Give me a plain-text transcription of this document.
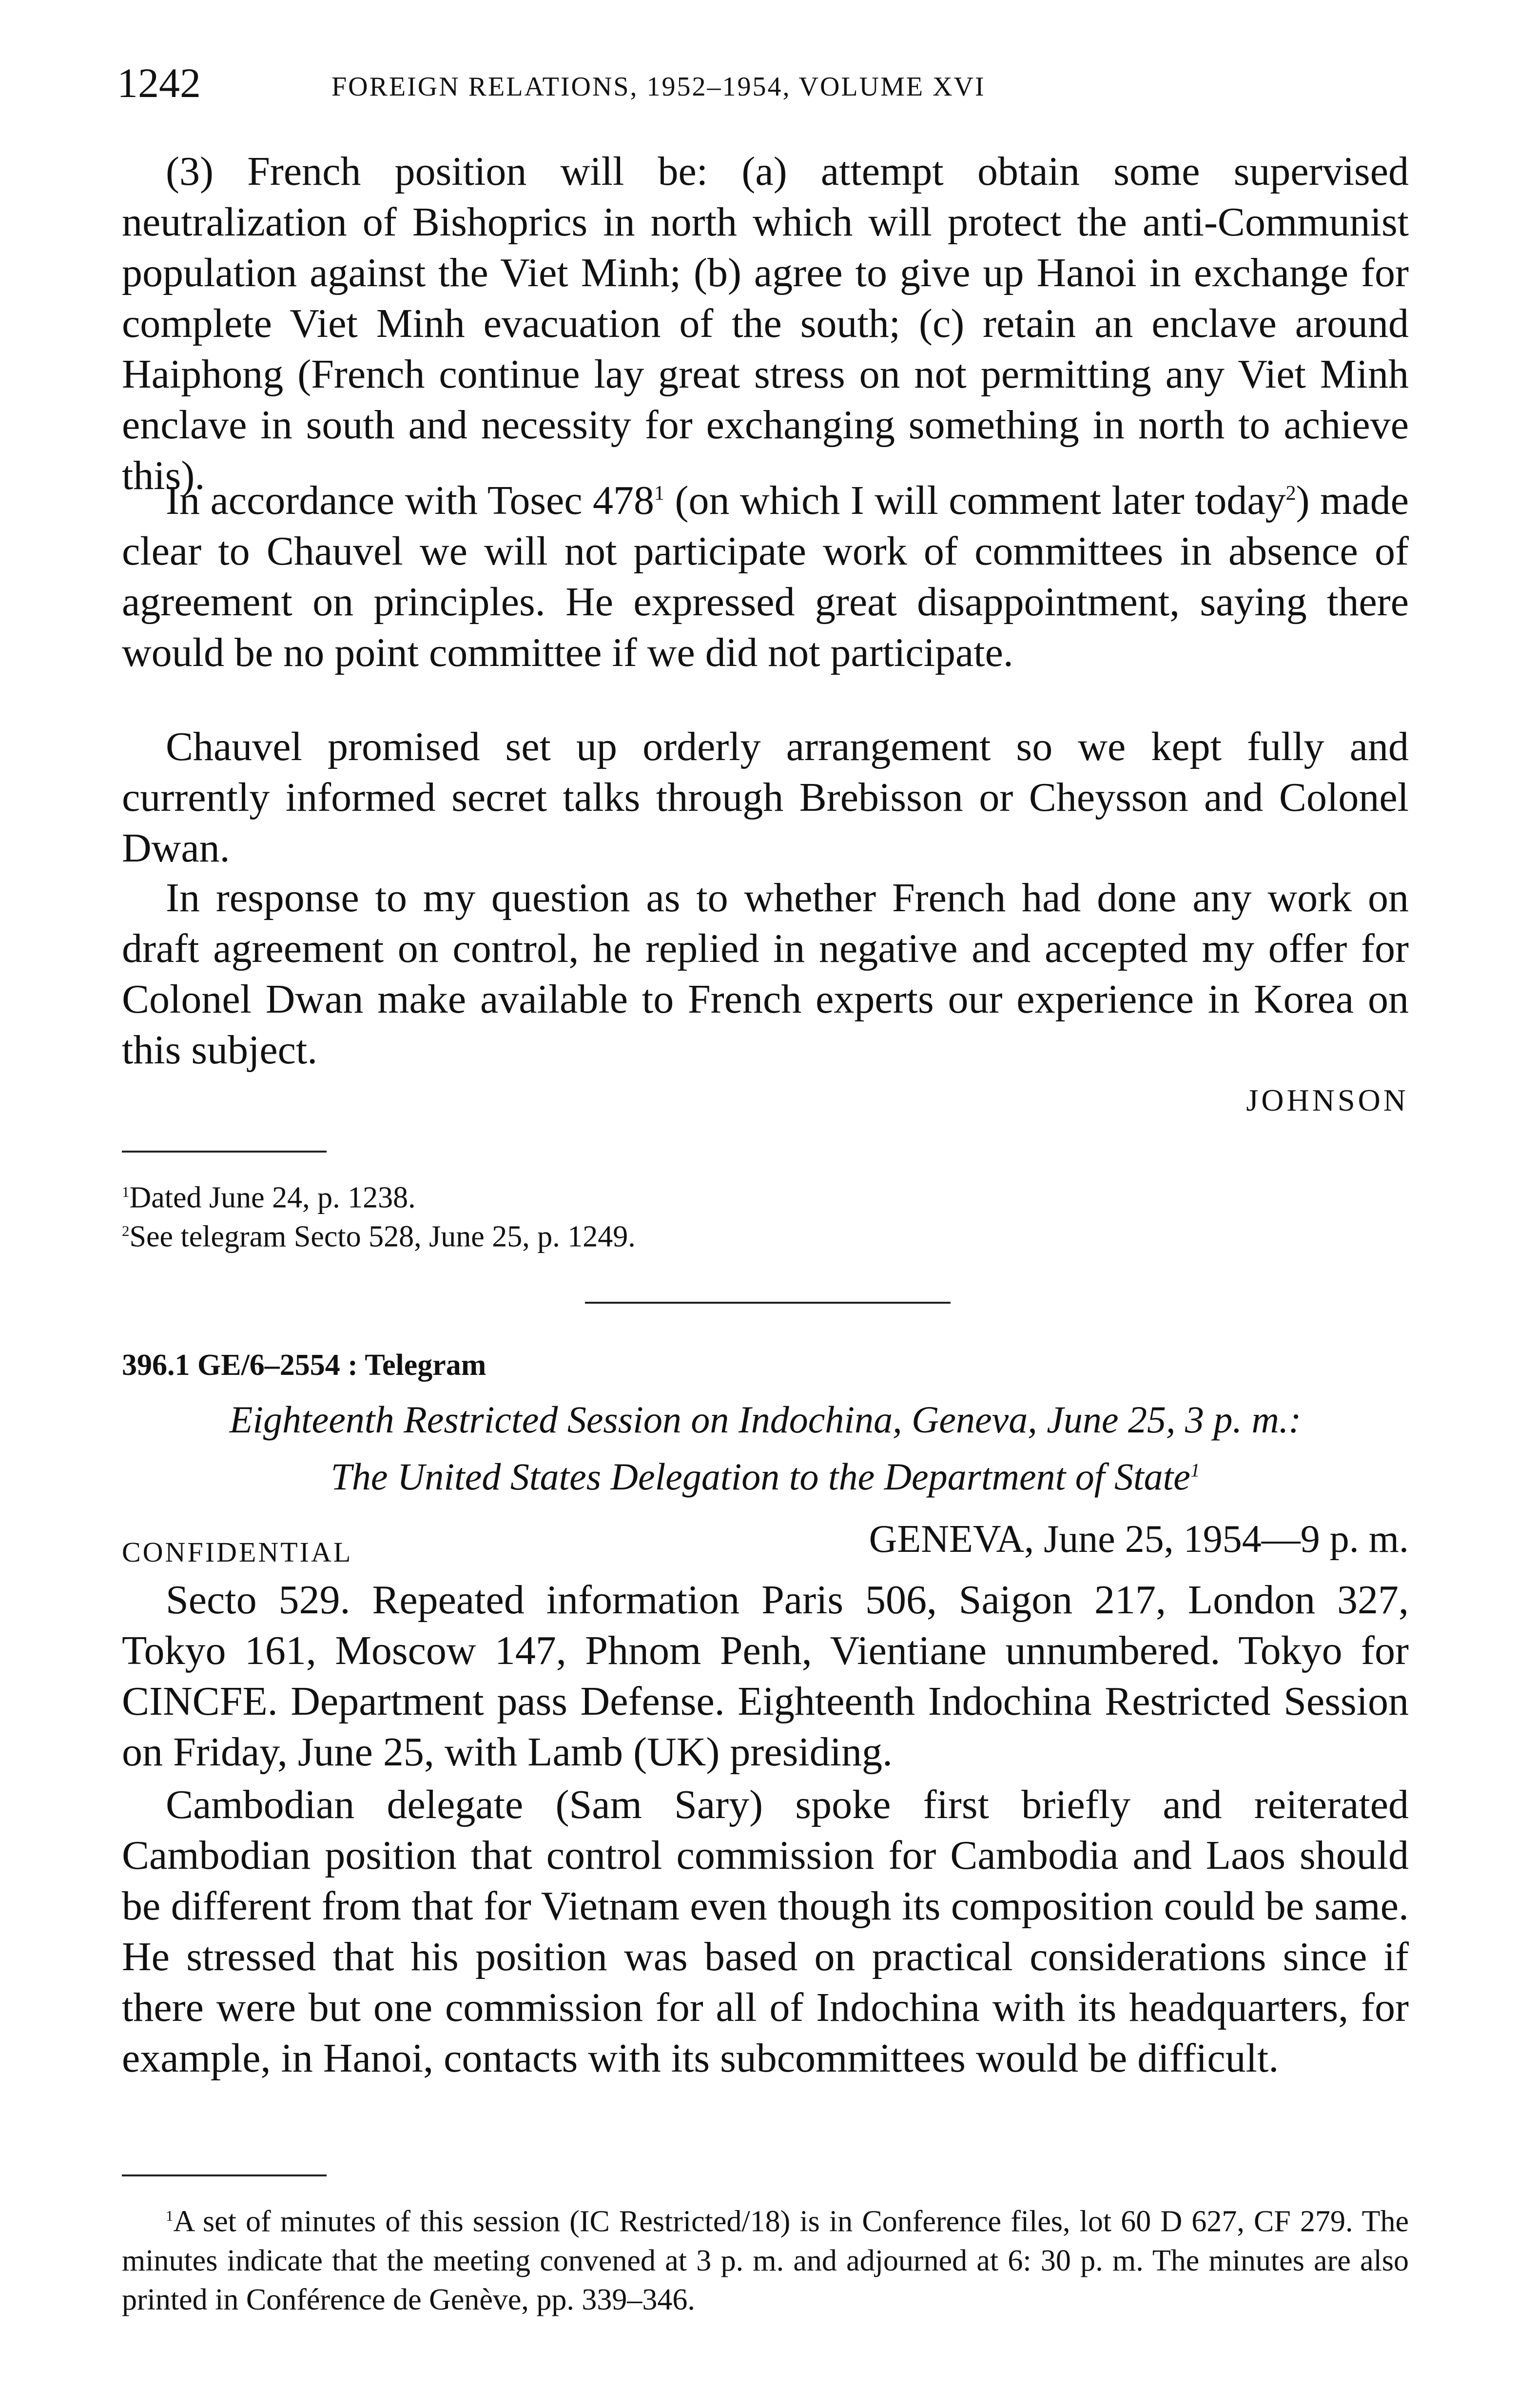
1242	FOREIGN RELATIONS, 1952–1954, VOLUME XVI

(3) French position will be: (a) attempt obtain some supervised neutralization of Bishoprics in north which will protect the anti-Communist population against the Viet Minh; (b) agree to give up Hanoi in exchange for complete Viet Minh evacuation of the south; (c) retain an enclave around Haiphong (French continue lay great stress on not permitting any Viet Minh enclave in south and necessity for exchanging something in north to achieve this).

In accordance with Tosec $478^1$ (on which I will comment later today$^2$) made clear to Chauvel we will not participate work of committees in absence of agreement on principles. He expressed great disappointment, saying there would be no point committee if we did not participate.

Chauvel promised set up orderly arrangement so we kept fully and currently informed secret talks through Brebisson or Cheysson and Colonel Dwan.

In response to my question as to whether French had done any work on draft agreement on control, he replied in negative and accepted my offer for Colonel Dwan make available to French experts our experience in Korea on this subject.

JOHNSON
$^1$Dated June 24, p. 1238.
$^2$See telegram Secto 528, June 25, p. 1249.
396.1 GE/6–2554 : Telegram
Eighteenth Restricted Session on Indochina, Geneva, June 25, 3 p. m.:
The United States Delegation to the Department of State$^1$
CONFIDENTIAL	GENEVA, June 25, 1954—9 p. m.

Secto 529. Repeated information Paris 506, Saigon 217, London 327, Tokyo 161, Moscow 147, Phnom Penh, Vientiane unnumbered. Tokyo for CINCFE. Department pass Defense. Eighteenth Indochina Restricted Session on Friday, June 25, with Lamb (UK) presiding.

Cambodian delegate (Sam Sary) spoke first briefly and reiterated Cambodian position that control commission for Cambodia and Laos should be different from that for Vietnam even though its composition could be same. He stressed that his position was based on practical considerations since if there were but one commission for all of Indochina with its headquarters, for example, in Hanoi, contacts with its subcommittees would be difficult.

$^1$A set of minutes of this session (IC Restricted/18) is in Conference files, lot 60 D 627, CF 279. The minutes indicate that the meeting convened at 3 p. m. and adjourned at 6: 30 p. m. The minutes are also printed in Conférence de Genève, pp. 339–346.
